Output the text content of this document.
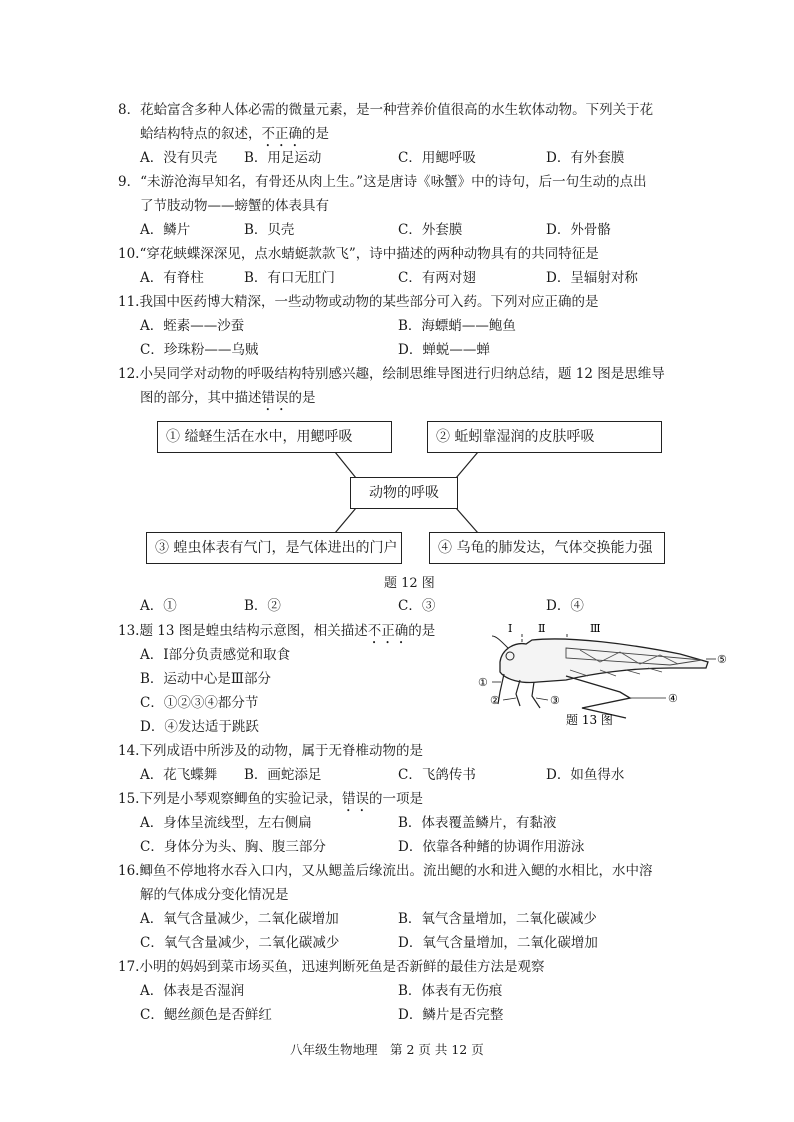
8．花蛤富含多种人体必需的微量元素，是一种营养价值很高的水生软体动物。下列关于花
蛤结构特点的叙述，不正确的是
A．没有贝壳 B．用足运动	C．用鳃呼吸	D．有外套膜
9．“未游沧海早知名，有骨还从肉上生。”这是唐诗《咏蟹》中的诗句，后一句生动的点出
了节肢动物——螃蟹的体表具有
A．鳞片	B．贝壳	C．外套膜	D．外骨骼
10.“穿花蛱蝶深深见，点水蜻蜓款款飞”，诗中描述的两种动物具有的共同特征是
A．有脊柱	B．有口无肛门	C．有两对翅	D．呈辐射对称
11.我国中医药博大精深，一些动物或动物的某些部分可入药。下列对应正确的是
A．蛭素——沙蚕	B．海螵蛸——鲍鱼
C．珍珠粉——乌贼	D．蝉蜕——蝉
12.小吴同学对动物的呼吸结构特别感兴趣，绘制思维导图进行归纳总结，题 12 图是思维导
图的部分，其中描述错误的是
① 缢蛏生活在水中，用鳃呼吸	② 蚯蚓靠湿润的皮肤呼吸
动物的呼吸
③ 蝗虫体表有气门，是气体进出的门户	④ 乌龟的肺发达，气体交换能力强
题 12 图
A．①	B．②	C．③	D．④
13.题 13 图是蝗虫结构示意图，相关描述不正确的是
A．Ⅰ部分负责感觉和取食
B．运动中心是Ⅲ部分
C．①②③④都分节
D．④发达适于跳跃
Ⅰ Ⅱ	Ⅲ
①
②	③	④
⑤
题 13 图
14.下列成语中所涉及的动物，属于无脊椎动物的是
A．花飞蝶舞 B．画蛇添足	C．飞鸽传书	D．如鱼得水
15.下列是小琴观察鲫鱼的实验记录，错误的一项是
A．身体呈流线型，左右侧扁	B．体表覆盖鳞片，有黏液
C．身体分为头、胸、腹三部分	D．依靠各种鳍的协调作用游泳
16.鲫鱼不停地将水吞入口内，又从鳃盖后缘流出。流出鳃的水和进入鳃的水相比，水中溶
解的气体成分变化情况是
A．氧气含量减少，二氧化碳增加	B．氧气含量增加，二氧化碳减少
C．氧气含量减少，二氧化碳减少	D．氧气含量增加，二氧化碳增加
17.小明的妈妈到菜市场买鱼，迅速判断死鱼是否新鲜的最佳方法是观察
A．体表是否湿润	B．体表有无伤痕
C．鳃丝颜色是否鲜红	D．鳞片是否完整
八年级生物地理　第 2 页 共 12 页
